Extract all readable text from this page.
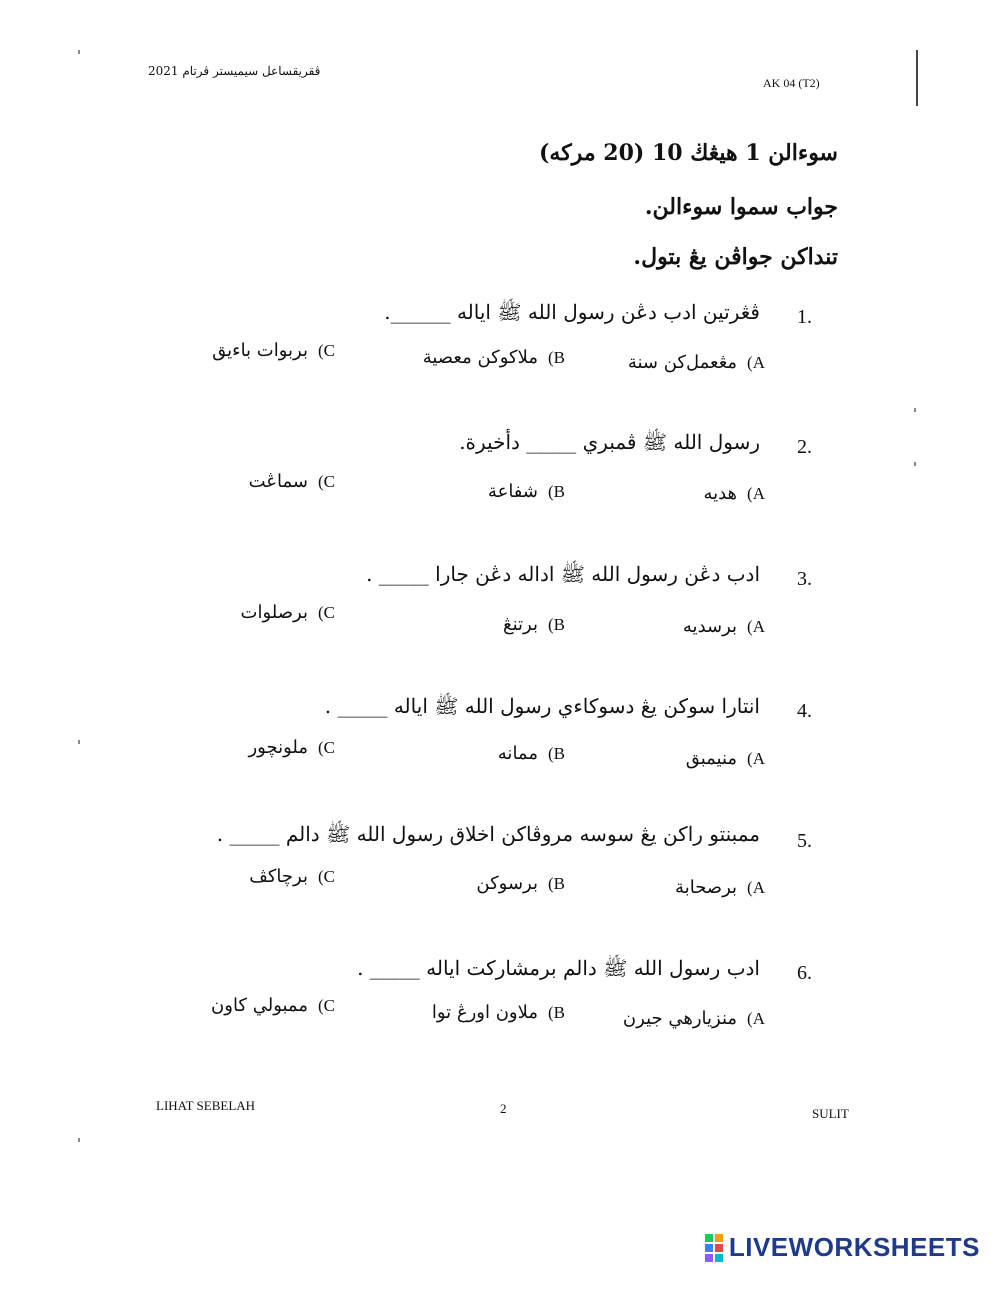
ڤقريقساعل سيميستر ڤرتام 2021
AK 04 (T2)
سوءالن 1 هيڠڬ 10 (20 مركه)
جواب سموا سوءالن.
تنداكن جواڤن يڠ بتول.
1.
ڤڠرتين ادب دڠن رسول الله ﷺ اياله ______.
A)مڠعمل‌كن سنة
B)ملاكوكن معصية
C)بربوات باءيق
2.
رسول الله ﷺ ڤمبري _____ دأخيرة.
A)هديه
B)شفاعة
C)سماڠت
3.
ادب دڠن رسول الله ﷺ اداله دڠن جارا _____ .
A)برسديه
B)برتنڠ
C)برصلوات
4.
انتارا سوكن يڠ دسوكاءي رسول الله ﷺ اياله _____ .
A)منيمبق
B)ممانه
C)ملونچور
5.
ممبنتو راكن يڠ سوسه مروڤاكن اخلاق رسول الله ﷺ دالم _____ .
A)برصحابة
B)برسوكن
C)برچاكڤ
6.
ادب رسول الله ﷺ دالم برمشاركت اياله _____ .
A)منزيارهي جيرن
B)ملاون اورڠ توا
C)ممبولي كاون
LIHAT SEBELAH	2	SULIT
LIVEWORKSHEETS
